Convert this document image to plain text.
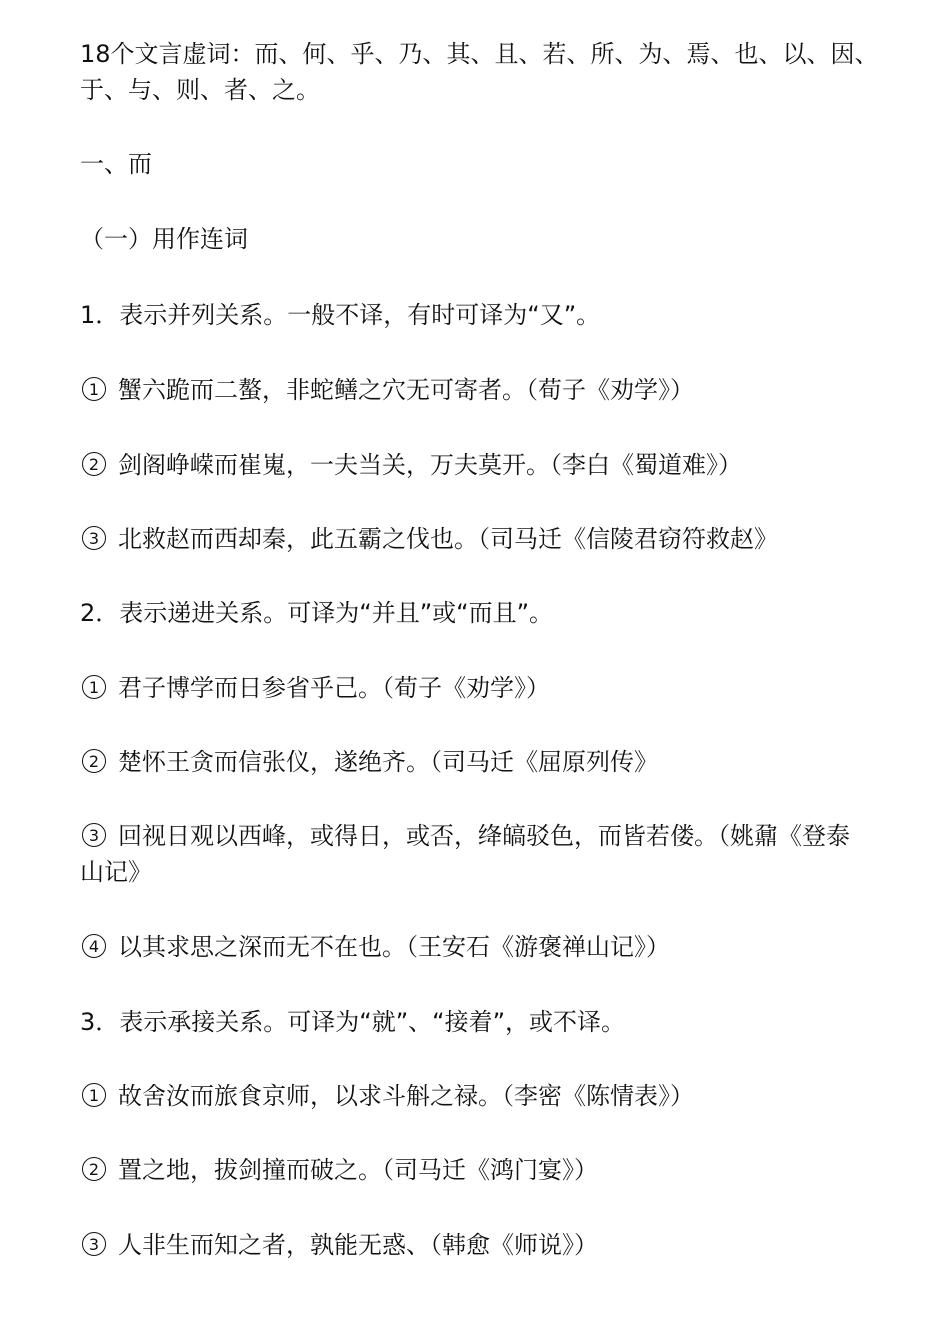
18个文言虚词：而、何、乎、乃、其、且、若、所、为、焉、也、以、因、于、与、则、者、之。
一、而
（一）用作连词
1．表示并列关系。一般不译，有时可译为“又”。
1 蟹六跪而二螯，非蛇鳝之穴无可寄者。（荀子《劝学》）
2 剑阁峥嵘而崔嵬，一夫当关，万夫莫开。（李白《蜀道难》）
3 北救赵而西却秦，此五霸之伐也。（司马迁《信陵君窃符救赵》
2．表示递进关系。可译为“并且”或“而且”。
1 君子博学而日参省乎己。（荀子《劝学》）
2 楚怀王贪而信张仪，遂绝齐。（司马迁《屈原列传》
3 回视日观以西峰，或得日，或否，绛皜驳色，而皆若偻。（姚鼐《登泰山记》
4 以其求思之深而无不在也。（王安石《游褒禅山记》）
3．表示承接关系。可译为“就”、“接着”，或不译。
1 故舍汝而旅食京师，以求斗斛之禄。（李密《陈情表》）
2 置之地，拔剑撞而破之。（司马迁《鸿门宴》）
3 人非生而知之者，孰能无惑、（韩愈《师说》）
